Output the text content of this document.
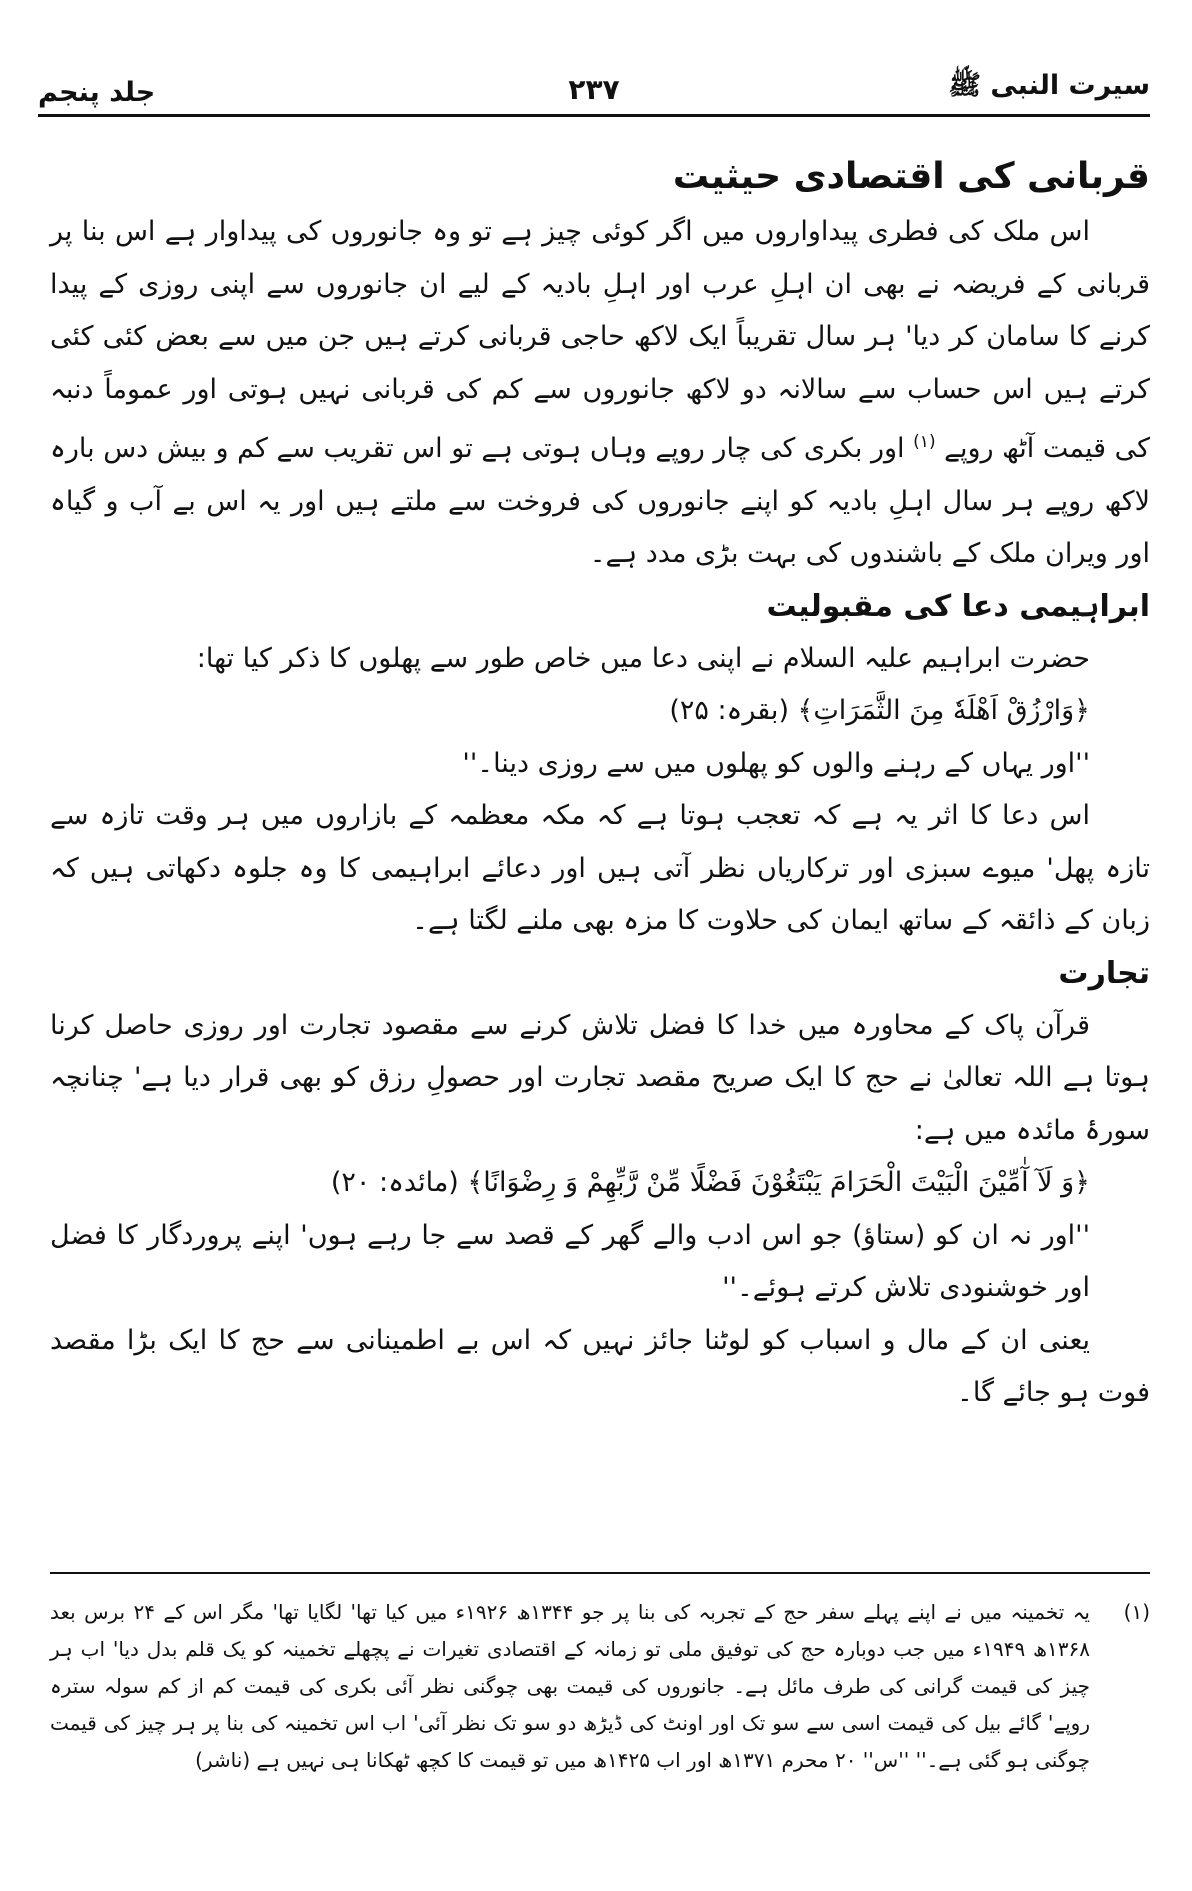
سیرت النبی ﷺ
۲۳۷
جلد پنجم
قربانی کی اقتصادی حیثیت

اس ملک کی فطری پیداواروں میں اگر کوئی چیز ہے تو وہ جانوروں کی پیداوار ہے اس بنا پر قربانی کے فریضہ نے بھی ان اہلِ عرب اور اہلِ بادیہ کے لیے ان جانوروں سے اپنی روزی کے پیدا کرنے کا سامان کر دیا' ہر سال تقریباً ایک لاکھ حاجی قربانی کرتے ہیں جن میں سے بعض کئی کئی کرتے ہیں اس حساب سے سالانہ دو لاکھ جانوروں سے کم کی قربانی نہیں ہوتی اور عموماً دنبہ کی قیمت آٹھ روپے $^{(۱)}$ اور بکری کی چار روپے وہاں ہوتی ہے تو اس تقریب سے کم و بیش دس بارہ لاکھ روپے ہر سال اہلِ بادیہ کو اپنے جانوروں کی فروخت سے ملتے ہیں اور یہ اس بے آب و گیاہ اور ویران ملک کے باشندوں کی بہت بڑی مدد ہے۔

ابراہیمی دعا کی مقبولیت

حضرت ابراہیم علیہ السلام نے اپنی دعا میں خاص طور سے پھلوں کا ذکر کیا تھا:

﴿وَارْزُقْ اَهْلَهٗ مِنَ الثَّمَرَاتِ﴾ (بقرہ: ۲۵)

''اور یہاں کے رہنے والوں کو پھلوں میں سے روزی دینا۔''

اس دعا کا اثر یہ ہے کہ تعجب ہوتا ہے کہ مکہ معظمہ کے بازاروں میں ہر وقت تازہ سے تازہ پھل' میوے سبزی اور ترکاریاں نظر آتی ہیں اور دعائے ابراہیمی کا وہ جلوہ دکھاتی ہیں کہ زبان کے ذائقہ کے ساتھ ایمان کی حلاوت کا مزہ بھی ملنے لگتا ہے۔

تجارت

قرآن پاک کے محاورہ میں خدا کا فضل تلاش کرنے سے مقصود تجارت اور روزی حاصل کرنا ہوتا ہے اللہ تعالیٰ نے حج کا ایک صریح مقصد تجارت اور حصولِ رزق کو بھی قرار دیا ہے' چنانچہ سورۂ مائدہ میں ہے:

﴿وَ لَآ آٰمِّیْنَ الْبَیْتَ الْحَرَامَ یَبْتَغُوْنَ فَضْلًا مِّنْ رَّبِّهِمْ وَ رِضْوَانًا﴾ (مائدہ: ۲۰)

''اور نہ ان کو (ستاؤ) جو اس ادب والے گھر کے قصد سے جا رہے ہوں' اپنے پروردگار کا فضل اور خوشنودی تلاش کرتے ہوئے۔''

یعنی ان کے مال و اسباب کو لوٹنا جائز نہیں کہ اس بے اطمینانی سے حج کا ایک بڑا مقصد فوت ہو جائے گا۔

(۱)
یہ تخمینہ میں نے اپنے پہلے سفر حج کے تجربہ کی بنا پر جو ۱۳۴۴ھ ۱۹۲۶ء میں کیا تھا' لگایا تھا' مگر اس کے ۲۴ برس بعد ۱۳۶۸ھ ۱۹۴۹ء میں جب دوبارہ حج کی توفیق ملی تو زمانہ کے اقتصادی تغیرات نے پچھلے تخمینہ کو یک قلم بدل دیا' اب ہر چیز کی قیمت گرانی کی طرف مائل ہے۔ جانوروں کی قیمت بھی چوگنی نظر آئی بکری کی قیمت کم از کم سولہ سترہ روپے' گائے بیل کی قیمت اسی سے سو تک اور اونٹ کی ڈیڑھ دو سو تک نظر آئی' اب اس تخمینہ کی بنا پر ہر چیز کی قیمت چوگنی ہو گئی ہے۔'' ''س'' ۲۰ محرم ۱۳۷۱ھ اور اب ۱۴۲۵ھ میں تو قیمت کا کچھ ٹھکانا ہی نہیں ہے (ناشر)
